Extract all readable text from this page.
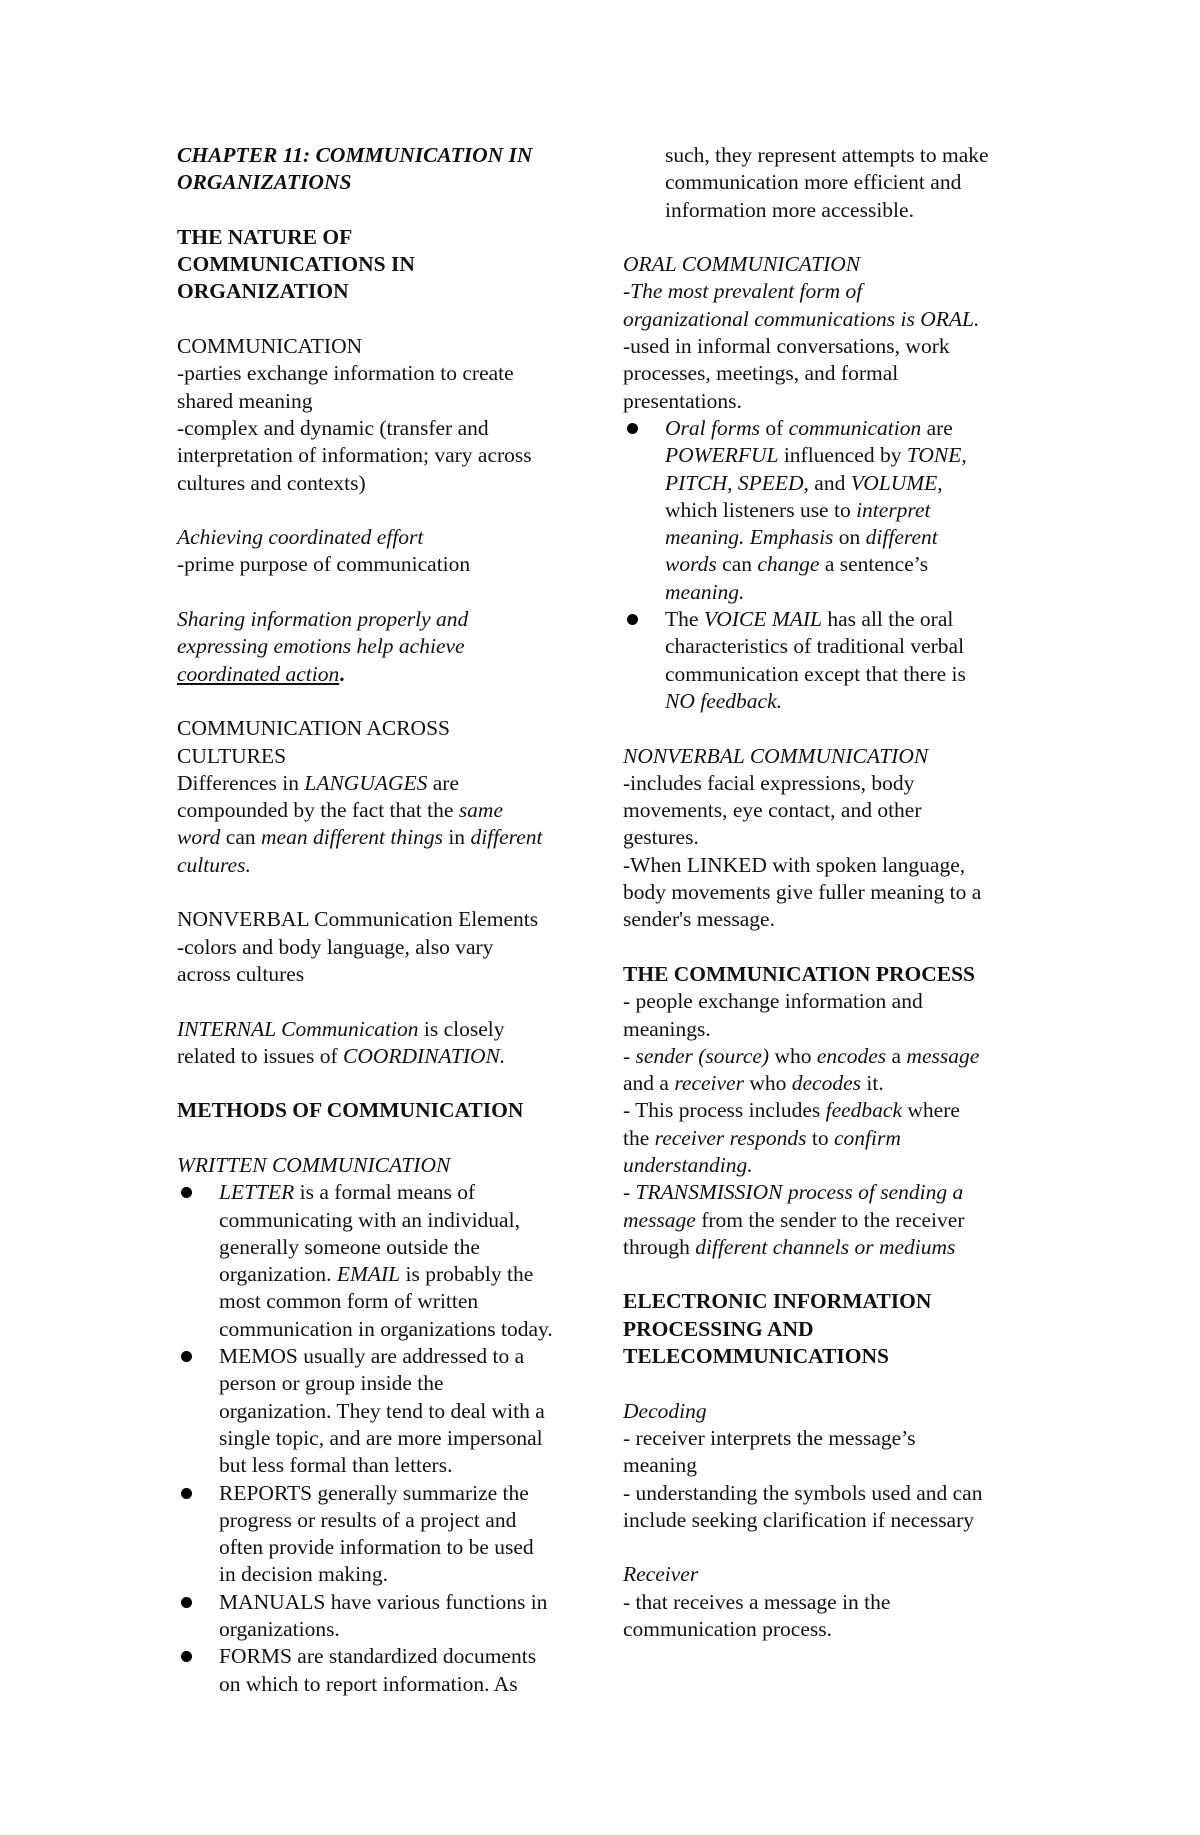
CHAPTER 11: COMMUNICATION IN
ORGANIZATIONS
THE NATURE OF
COMMUNICATIONS IN
ORGANIZATION
COMMUNICATION
-parties exchange information to create
shared meaning
-complex and dynamic (transfer and
interpretation of information; vary across
cultures and contexts)
Achieving coordinated effort
-prime purpose of communication
Sharing information properly and
expressing emotions help achieve
coordinated action.
COMMUNICATION ACROSS
CULTURES
Differences in LANGUAGES are
compounded by the fact that the same
word can mean different things in different
cultures.
NONVERBAL Communication Elements
-colors and body language, also vary
across cultures
INTERNAL Communication is closely
related to issues of COORDINATION.
METHODS OF COMMUNICATION
WRITTEN COMMUNICATION
LETTER is a formal means of
communicating with an individual,
generally someone outside the
organization. EMAIL is probably the
most common form of written
communication in organizations today.
MEMOS usually are addressed to a
person or group inside the
organization. They tend to deal with a
single topic, and are more impersonal
but less formal than letters.
REPORTS generally summarize the
progress or results of a project and
often provide information to be used
in decision making.
MANUALS have various functions in
organizations.
FORMS are standardized documents
on which to report information. As
such, they represent attempts to make
communication more efficient and
information more accessible.
ORAL COMMUNICATION
-The most prevalent form of
organizational communications is ORAL.
-used in informal conversations, work
processes, meetings, and formal
presentations.
Oral forms of communication are
POWERFUL influenced by TONE,
PITCH, SPEED, and VOLUME,
which listeners use to interpret
meaning. Emphasis on different
words can change a sentence’s
meaning.
The VOICE MAIL has all the oral
characteristics of traditional verbal
communication except that there is
NO feedback.
NONVERBAL COMMUNICATION
-includes facial expressions, body
movements, eye contact, and other
gestures.
-When LINKED with spoken language,
body movements give fuller meaning to a
sender's message.
THE COMMUNICATION PROCESS
- people exchange information and
meanings.
- sender (source) who encodes a message
and a receiver who decodes it.
- This process includes feedback where
the receiver responds to confirm
understanding.
- TRANSMISSION process of sending a
message from the sender to the receiver
through different channels or mediums
ELECTRONIC INFORMATION
PROCESSING AND
TELECOMMUNICATIONS
Decoding
- receiver interprets the message’s
meaning
- understanding the symbols used and can
include seeking clarification if necessary
Receiver
- that receives a message in the
communication process.
